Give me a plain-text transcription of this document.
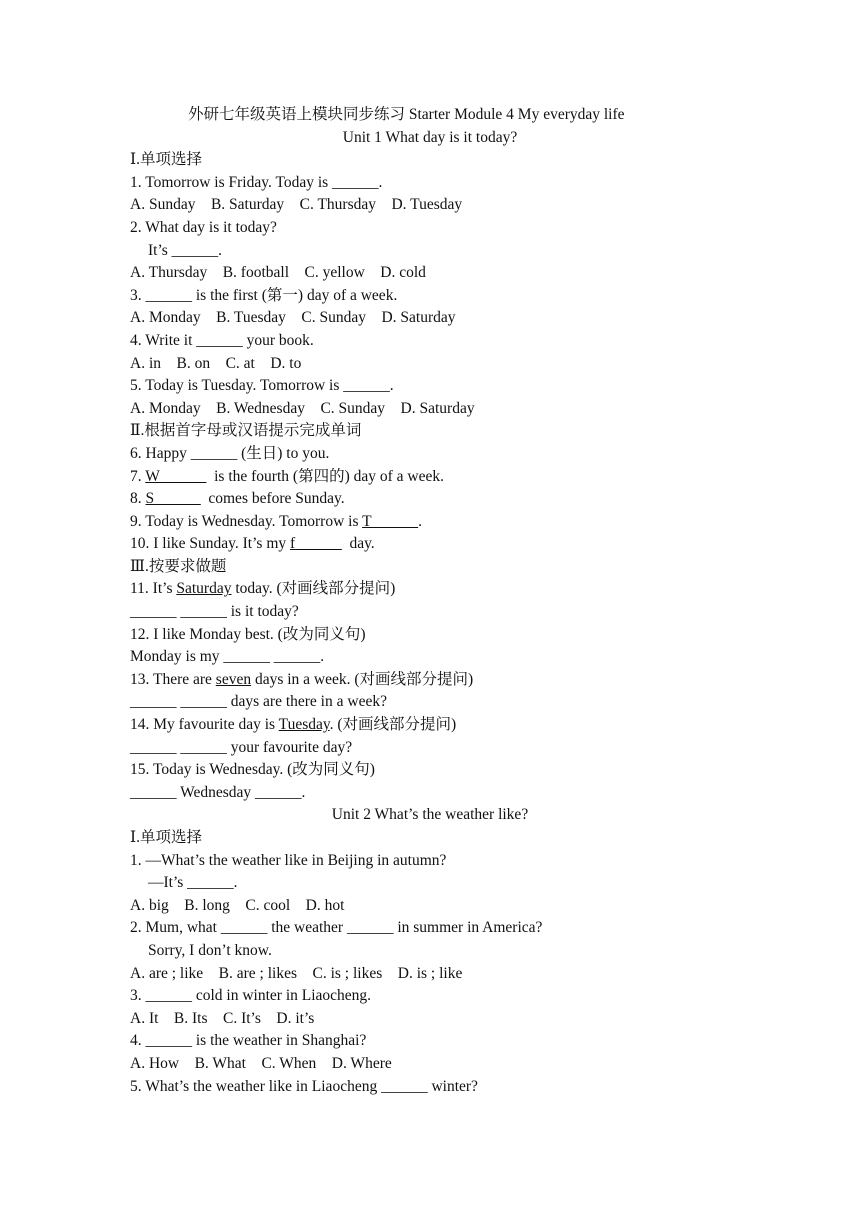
外研七年级英语上模块同步练习 Starter Module 4 My everyday life
Unit 1 What day is it today?
Ⅰ.单项选择
1. Tomorrow is Friday. Today is ______.
A. Sunday    B. Saturday    C. Thursday    D. Tuesday
2. What day is it today?
It’s ______.
A. Thursday    B. football    C. yellow    D. cold
3. ______ is the first (第一) day of a week.
A. Monday    B. Tuesday    C. Sunday    D. Saturday
4. Write it ______ your book.
A. in    B. on    C. at    D. to
5. Today is Tuesday. Tomorrow is ______.
A. Monday    B. Wednesday    C. Sunday    D. Saturday
Ⅱ.根据首字母或汉语提示完成单词
6. Happy ______ (生日) to you.
7. W______  is the fourth (第四的) day of a week.
8. S______  comes before Sunday.
9. Today is Wednesday. Tomorrow is T______.
10. I like Sunday. It’s my f______  day.
Ⅲ.按要求做题
11. It’s Saturday today. (对画线部分提问)
______ ______ is it today?
12. I like Monday best. (改为同义句)
Monday is my ______ ______.
13. There are seven days in a week. (对画线部分提问)
______ ______ days are there in a week?
14. My favourite day is Tuesday. (对画线部分提问)
______ ______ your favourite day?
15. Today is Wednesday. (改为同义句)
______ Wednesday ______.
Unit 2 What’s the weather like?
Ⅰ.单项选择
1. —What’s the weather like in Beijing in autumn?
—It’s ______.
A. big    B. long    C. cool    D. hot
2. Mum, what ______ the weather ______ in summer in America?
Sorry, I don’t know.
A. are ; like    B. are ; likes    C. is ; likes    D. is ; like
3. ______ cold in winter in Liaocheng.
A. It    B. Its    C. It’s    D. it’s
4. ______ is the weather in Shanghai?
A. How    B. What    C. When    D. Where
5. What’s the weather like in Liaocheng ______ winter?
